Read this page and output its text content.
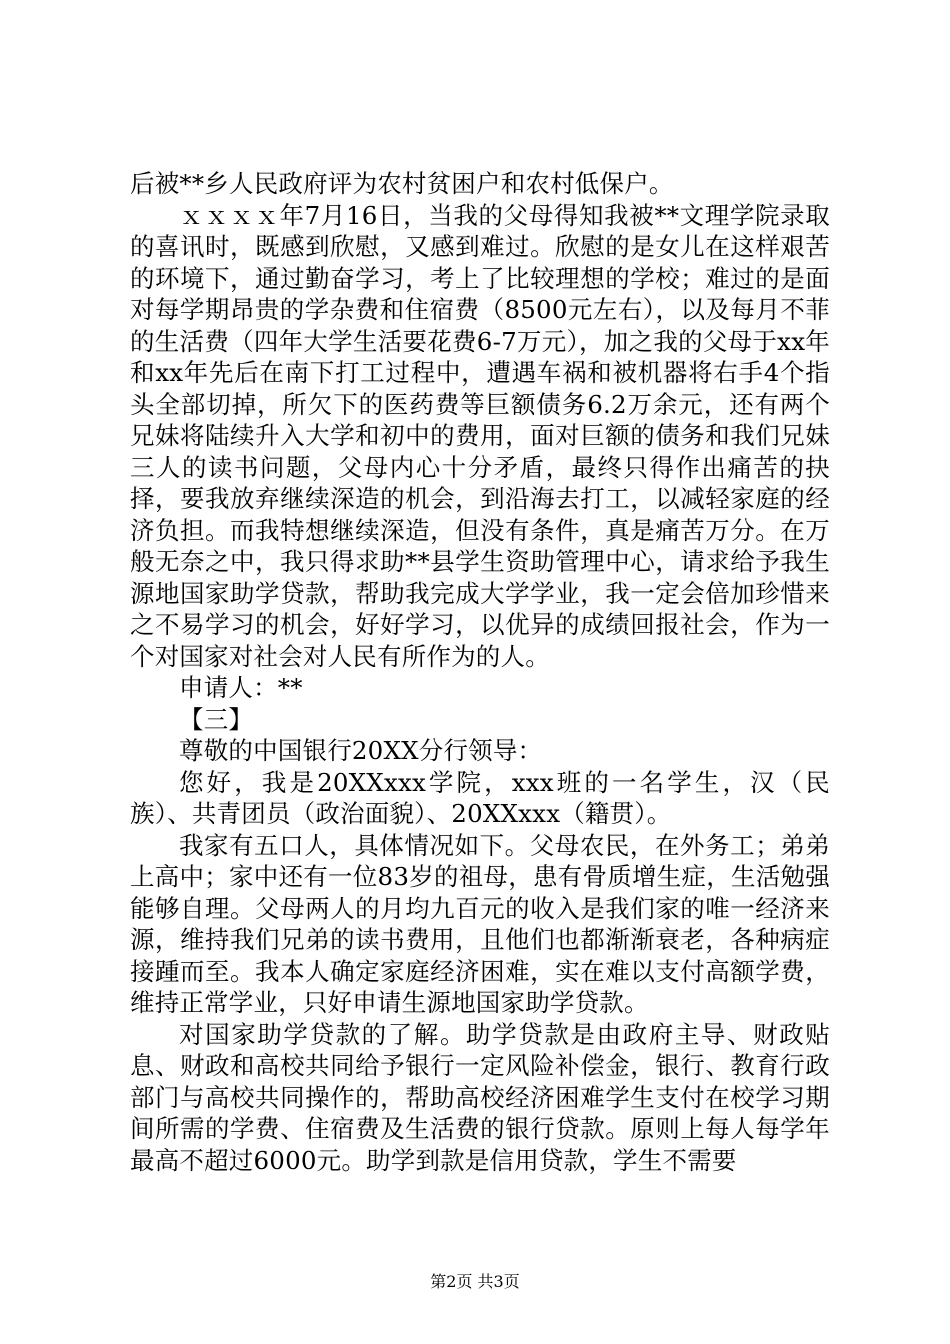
后被**乡人民政府评为农村贫困户和农村低保户。

ｘｘｘｘ年7月16日，当我的父母得知我被**文理学院录取的喜讯时，既感到欣慰，又感到难过。欣慰的是女儿在这样艰苦的环境下，通过勤奋学习，考上了比较理想的学校；难过的是面对每学期昂贵的学杂费和住宿费（8500元左右），以及每月不菲的生活费（四年大学生活要花费6-7万元），加之我的父母于xx年和xx年先后在南下打工过程中，遭遇车祸和被机器将右手4个指头全部切掉，所欠下的医药费等巨额债务6.2万余元，还有两个兄妹将陆续升入大学和初中的费用，面对巨额的债务和我们兄妹三人的读书问题，父母内心十分矛盾，最终只得作出痛苦的抉择，要我放弃继续深造的机会，到沿海去打工，以减轻家庭的经济负担。而我特想继续深造，但没有条件，真是痛苦万分。在万般无奈之中，我只得求助**县学生资助管理中心，请求给予我生源地国家助学贷款，帮助我完成大学学业，我一定会倍加珍惜来之不易学习的机会，好好学习，以优异的成绩回报社会，作为一个对国家对社会对人民有所作为的人。

申请人：**

【三】

尊敬的中国银行20XX分行领导：

您好，我是20XXxxx学院，xxx班的一名学生，汉（民族）、共青团员（政治面貌）、20XXxxx（籍贯）。

我家有五口人，具体情况如下。父母农民，在外务工；弟弟上高中；家中还有一位83岁的祖母，患有骨质增生症，生活勉强能够自理。父母两人的月均九百元的收入是我们家的唯一经济来源，维持我们兄弟的读书费用，且他们也都渐渐衰老，各种病症接踵而至。我本人确定家庭经济困难，实在难以支付高额学费，维持正常学业，只好申请生源地国家助学贷款。

对国家助学贷款的了解。助学贷款是由政府主导、财政贴息、财政和高校共同给予银行一定风险补偿金，银行、教育行政部门与高校共同操作的，帮助高校经济困难学生支付在校学习期间所需的学费、住宿费及生活费的银行贷款。原则上每人每学年最高不超过6000元。助学到款是信用贷款，学生不需要

第2页 共3页
